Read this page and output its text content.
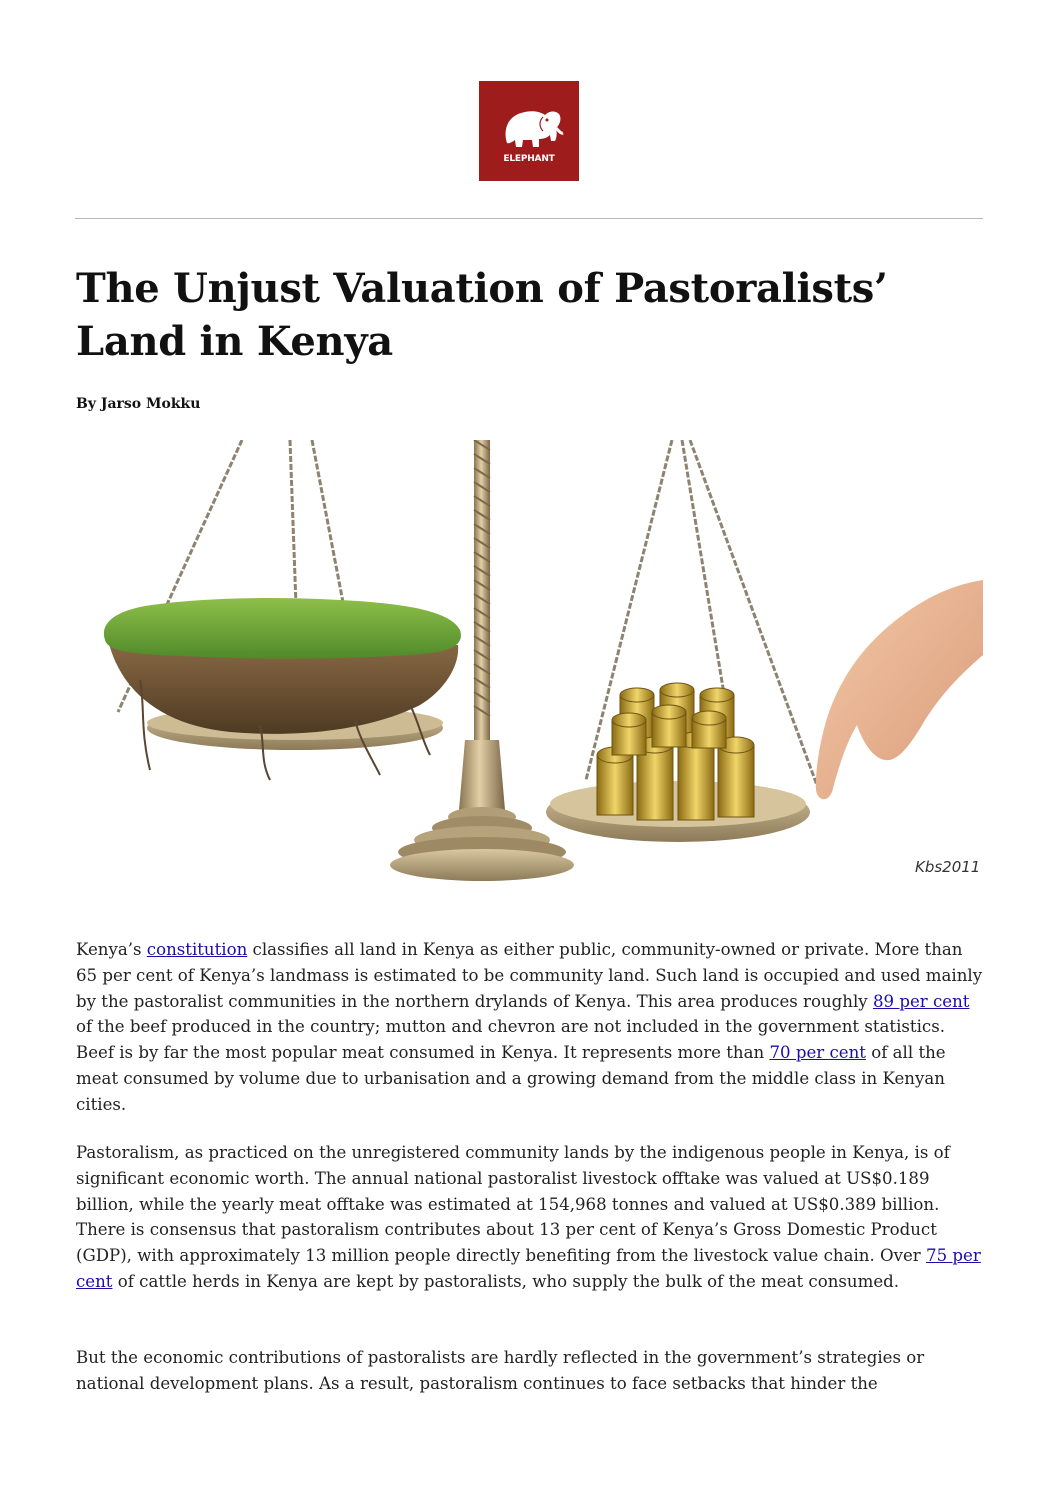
ELEPHANT
The Unjust Valuation of Pastoralists’ Land in Kenya
By Jarso Mokku
Kbs2011

Kenya’s constitution classifies all land in Kenya as either public, community-owned or private. More than 65 per cent of Kenya’s landmass is estimated to be community land. Such land is occupied and used mainly by the pastoralist communities in the northern drylands of Kenya. This area produces roughly 89 per cent of the beef produced in the country; mutton and chevron are not included in the government statistics. Beef is by far the most popular meat consumed in Kenya. It represents more than 70 per cent of all the meat consumed by volume due to urbanisation and a growing demand from the middle class in Kenyan cities.

Pastoralism, as practiced on the unregistered community lands by the indigenous people in Kenya, is of significant economic worth. The annual national pastoralist livestock offtake was valued at US$0.189 billion, while the yearly meat offtake was estimated at 154,968 tonnes and valued at US$0.389 billion. There is consensus that pastoralism contributes about 13 per cent of Kenya’s Gross Domestic Product (GDP), with approximately 13 million people directly benefiting from the livestock value chain. Over 75 per cent of cattle herds in Kenya are kept by pastoralists, who supply the bulk of the meat consumed.

But the economic contributions of pastoralists are hardly reflected in the government’s strategies or national development plans. As a result, pastoralism continues to face setbacks that hinder the
